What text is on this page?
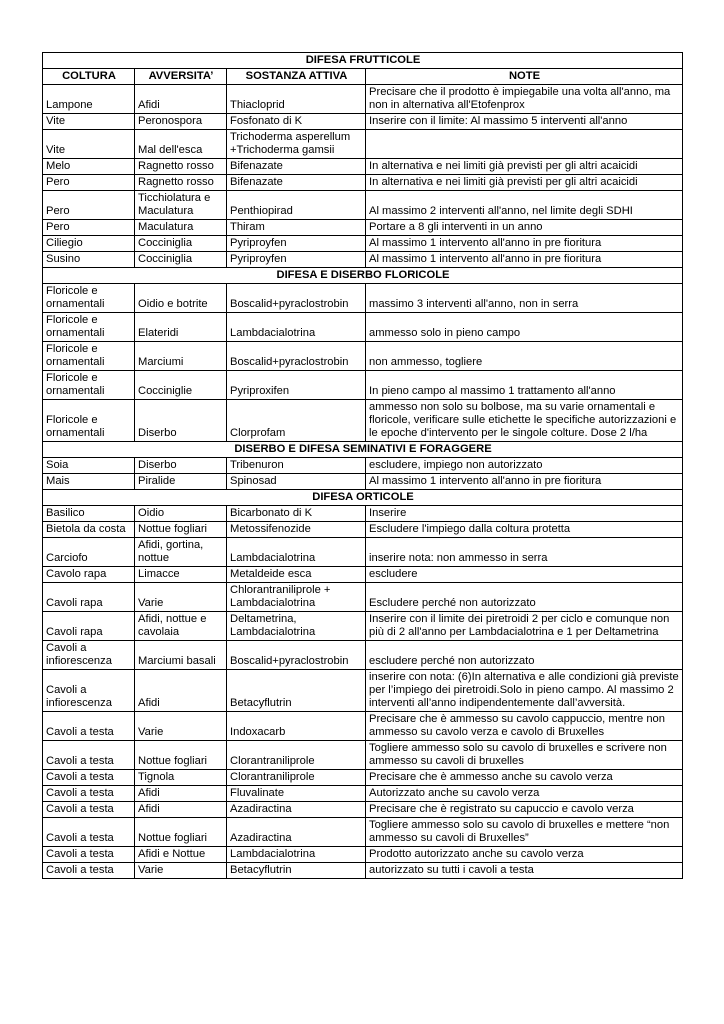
DIFESA FRUTTICOLE			
COLTURA	AVVERSITA’	SOSTANZA ATTIVA	NOTE
Lampone	Afidi	Thiacloprid	Precisare che il prodotto è impiegabile una volta all'anno, ma non in alternativa all'Etofenprox
Vite	Peronospora	Fosfonato di K	Inserire con il limite: Al massimo 5 interventi all'anno
Vite	Mal dell'esca	Trichoderma asperellum +Trichoderma gamsii	
Melo	Ragnetto rosso	Bifenazate	In alternativa e nei limiti già previsti per gli altri acaicidi
Pero	Ragnetto rosso	Bifenazate	In alternativa e nei limiti già previsti per gli altri acaicidi
Pero	Ticchiolatura e Maculatura	Penthiopirad	Al massimo 2 interventi all'anno, nel limite degli SDHI
Pero	Maculatura	Thiram	Portare a 8 gli interventi in un anno
Ciliegio	Cocciniglia	Pyriproyfen	Al massimo 1 intervento all'anno in pre fioritura
Susino	Cocciniglia	Pyriproyfen	Al massimo 1 intervento all'anno in pre fioritura
DIFESA E DISERBO FLORICOLE			
Floricole e ornamentali	Oidio e botrite	Boscalid+pyraclostrobin	massimo 3 interventi all'anno, non in serra
Floricole e ornamentali	Elateridi	Lambdacialotrina	ammesso solo in pieno campo
Floricole e ornamentali	Marciumi	Boscalid+pyraclostrobin	non ammesso, togliere
Floricole e ornamentali	Cocciniglie	Pyriproxifen	In pieno campo al massimo 1 trattamento all'anno
Floricole e ornamentali	Diserbo	Clorprofam	ammesso non solo su bolbose, ma su varie ornamentali e floricole, verificare sulle etichette le specifiche autorizzazioni e le epoche d'intervento per le singole colture. Dose 2 l/ha
DISERBO E DIFESA SEMINATIVI E FORAGGERE			
Soia	Diserbo	Tribenuron	escludere, impiego non autorizzato
Mais	Piralide	Spinosad	Al massimo 1 intervento all'anno in pre fioritura
DIFESA ORTICOLE			
Basilico	Oidio	Bicarbonato di K	Inserire
Bietola da costa	Nottue fogliari	Metossifenozide	Escludere l'impiego dalla coltura protetta
Carciofo	Afidi, gortina, nottue	Lambdacialotrina	inserire nota: non ammesso in serra
Cavolo rapa	Limacce	Metaldeide esca	escludere
Cavoli rapa	Varie	Chlorantraniliprole + Lambdacialotrina	Escludere perché non autorizzato
Cavoli rapa	Afidi, nottue e cavolaia	Deltametrina, Lambdacialotrina	Inserire con il limite dei piretroidi 2 per ciclo e comunque non più di 2 all'anno per Lambdacialotrina e 1 per Deltametrina
Cavoli a infiorescenza	Marciumi basali	Boscalid+pyraclostrobin	escludere perché non autorizzato
Cavoli a infiorescenza	Afidi	Betacyflutrin	inserire con nota: (6)In alternativa e alle condizioni già previste per l’impiego dei piretroidi.Solo in pieno campo. Al massimo 2 interventi all’anno indipendentemente dall’avversità.
Cavoli a testa	Varie	Indoxacarb	Precisare che è ammesso su cavolo cappuccio, mentre non ammesso su cavolo verza e cavolo di Bruxelles
Cavoli a testa	Nottue fogliari	Clorantraniliprole	Togliere ammesso solo su cavolo di bruxelles e scrivere non ammesso su cavoli di bruxelles
Cavoli a testa	Tignola	Clorantraniliprole	Precisare che è ammesso anche su cavolo verza
Cavoli a testa	Afidi	Fluvalinate	Autorizzato anche su cavolo verza
Cavoli a testa	Afidi	Azadiractina	Precisare che è registrato su capuccio e cavolo verza
Cavoli a testa	Nottue fogliari	Azadiractina	Togliere ammesso solo su cavolo di bruxelles e mettere “non ammesso su cavoli di Bruxelles”
Cavoli a testa	Afidi e Nottue	Lambdacialotrina	Prodotto autorizzato anche su cavolo verza
Cavoli a testa	Varie	Betacyflutrin	autorizzato su tutti i cavoli a testa
